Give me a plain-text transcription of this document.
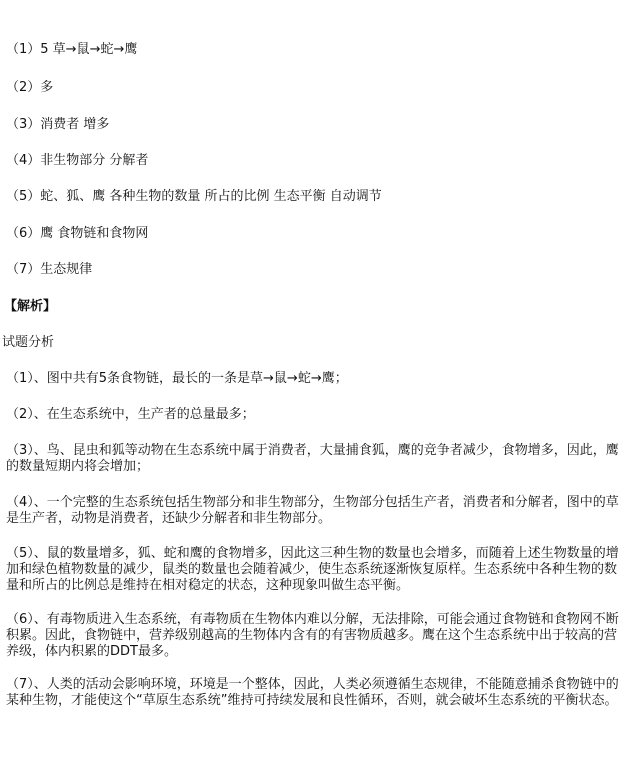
（1）5 草→鼠→蛇→鹰
（2）多
（3）消费者 增多
（4）非生物部分 分解者
（5）蛇、狐、鹰 各种生物的数量 所占的比例 生态平衡 自动调节
（6）鹰 食物链和食物网
（7）生态规律
【解析】
试题分析
（1）、图中共有5条食物链，最长的一条是草→鼠→蛇→鹰；
（2）、在生态系统中，生产者的总量最多；
（3）、鸟、昆虫和狐等动物在生态系统中属于消费者，大量捕食狐，鹰的竞争者减少，食物增多，因此，鹰的数量短期内将会增加；
（4）、一个完整的生态系统包括生物部分和非生物部分，生物部分包括生产者，消费者和分解者，图中的草是生产者，动物是消费者，还缺少分解者和非生物部分。
（5）、鼠的数量增多，狐、蛇和鹰的食物增多，因此这三种生物的数量也会增多，而随着上述生物数量的增加和绿色植物数量的减少，鼠类的数量也会随着减少，使生态系统逐渐恢复原样。生态系统中各种生物的数量和所占的比例总是维持在相对稳定的状态，这种现象叫做生态平衡。
（6）、有毒物质进入生态系统，有毒物质在生物体内难以分解，无法排除，可能会通过食物链和食物网不断积累。因此，食物链中，营养级别越高的生物体内含有的有害物质越多。鹰在这个生态系统中出于较高的营养级，体内积累的DDT最多。
（7）、人类的活动会影响环境，环境是一个整体，因此，人类必须遵循生态规律，不能随意捕杀食物链中的某种生物，才能使这个“草原生态系统”维持可持续发展和良性循环，否则，就会破坏生态系统的平衡状态。
